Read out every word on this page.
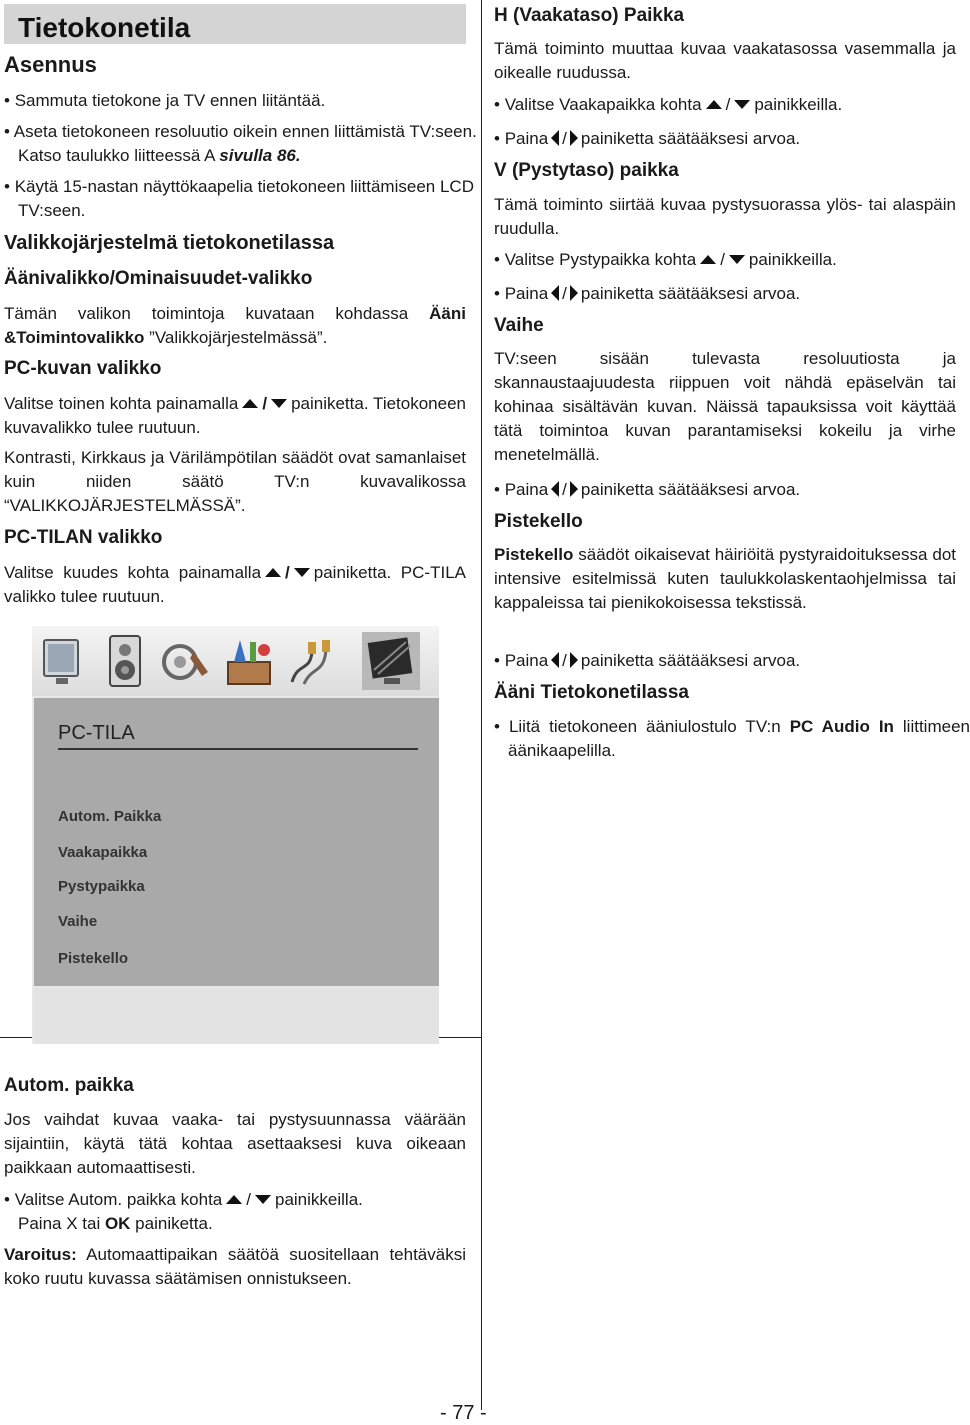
Tietokonetila
Asennus
• Sammuta tietokone ja TV ennen liitäntää.
• Aseta tietokoneen resoluutio oikein ennen liittämistä TV:seen. Katso taulukko liitteessä A sivulla 86.
• Käytä 15-nastan näyttökaapelia tietokoneen liittämiseen LCD TV:seen.
Valikkojärjestelmä tietokonetilassa
Äänivalikko/Ominaisuudet-valikko
Tämän valikon toimintoja kuvataan kohdassa Ääni &Toimintovalikko ”Valikkojärjestelmässä”.
PC-kuvan valikko
Valitse toinen kohta painamalla / painiketta. Tietokoneen kuvavalikko tulee ruutuun.
Kontrasti, Kirkkaus ja Värilämpötilan säädöt ovat samanlaiset kuin niiden säätö TV:n kuvavalikossa “VALIKKOJÄRJESTELMÄSSÄ”.
PC-TILAN valikko
Valitse kuudes kohta painamalla / painiketta. PC-TILA valikko tulee ruutuun.
PC-TILA
Autom. Paikka
Vaakapaikka
Pystypaikka
Vaihe
Pistekello
Autom. paikka
Jos vaihdat kuvaa vaaka- tai pystysuunnassa väärään sijaintiin, käytä tätä kohtaa asettaaksesi kuva oikeaan paikkaan automaattisesti.
• Valitse Autom. paikka kohta / painikkeilla.
Paina X tai OK painiketta.
Varoitus: Automaattipaikan säätöä suositellaan tehtäväksi koko ruutu kuvassa säätämisen onnistukseen.
H (Vaakataso) Paikka
Tämä toiminto muuttaa kuvaa vaakatasossa vasemmalla ja oikealle ruudussa.
• Valitse Vaakapaikka kohta / painikkeilla.
• Paina / painiketta säätääksesi arvoa.
V (Pystytaso) paikka
Tämä toiminto siirtää kuvaa pystysuorassa ylös- tai alaspäin ruudulla.
• Valitse Pystypaikka kohta / painikkeilla.
• Paina / painiketta säätääksesi arvoa.
Vaihe
TV:seen sisään tulevasta resoluutiosta ja skannaustaajuudesta riippuen voit nähdä epäselvän tai kohinaa sisältävän kuvan. Näissä tapauksissa voit käyttää tätä toimintoa kuvan parantamiseksi kokeilu ja virhe menetelmällä.
• Paina / painiketta säätääksesi arvoa.
Pistekello
Pistekello säädöt oikaisevat häiriöitä pystyraidoituksessa dot intensive esitelmissä kuten taulukkolaskentaohjelmissa tai kappaleissa tai pienikokoisessa tekstissä.
• Paina / painiketta säätääksesi arvoa.
Ääni Tietokonetilassa
• Liitä tietokoneen ääniulostulo TV:n PC Audio In liittimeen äänikaapelilla.
- 77 -
